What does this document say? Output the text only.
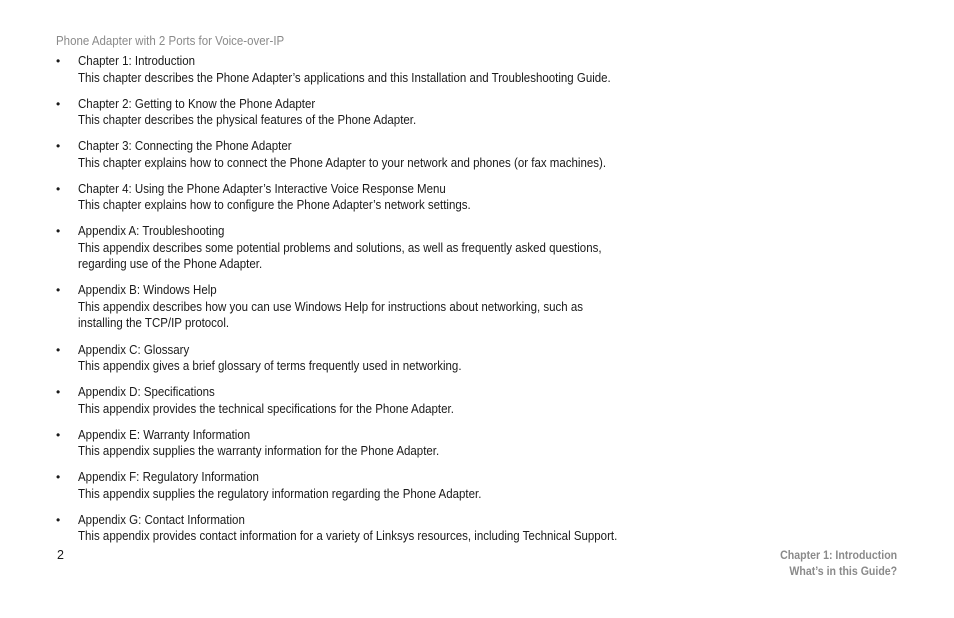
Phone Adapter with 2 Ports for Voice-over-IP
• Chapter 1: Introduction
This chapter describes the Phone Adapter’s applications and this Installation and Troubleshooting Guide.
• Chapter 2: Getting to Know the Phone Adapter
This chapter describes the physical features of the Phone Adapter.
• Chapter 3: Connecting the Phone Adapter
This chapter explains how to connect the Phone Adapter to your network and phones (or fax machines).
• Chapter 4: Using the Phone Adapter’s Interactive Voice Response Menu
This chapter explains how to configure the Phone Adapter’s network settings.
• Appendix A: Troubleshooting
This appendix describes some potential problems and solutions, as well as frequently asked questions, regarding use of the Phone Adapter.
• Appendix B: Windows Help
This appendix describes how you can use Windows Help for instructions about networking, such as installing the TCP/IP protocol.
• Appendix C: Glossary
This appendix gives a brief glossary of terms frequently used in networking.
• Appendix D: Specifications
This appendix provides the technical specifications for the Phone Adapter.
• Appendix E: Warranty Information
This appendix supplies the warranty information for the Phone Adapter.
• Appendix F: Regulatory Information
This appendix supplies the regulatory information regarding the Phone Adapter.
• Appendix G: Contact Information
This appendix provides contact information for a variety of Linksys resources, including Technical Support.
2	Chapter 1: Introduction
What’s in this Guide?
